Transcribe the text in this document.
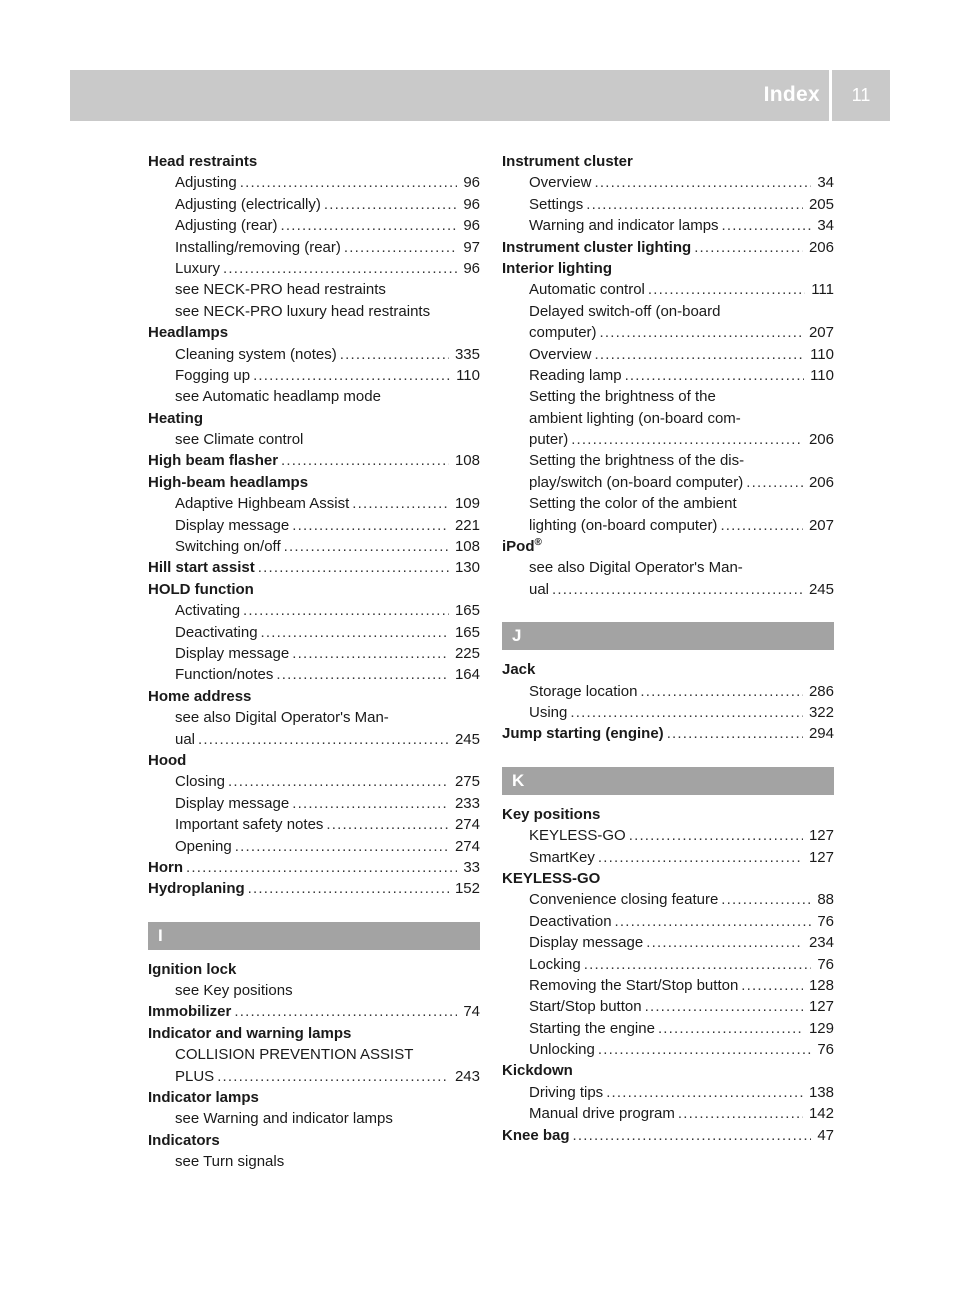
Index	11
Head restraints
Adjusting .....	96
Adjusting (electrically) .....	96
Adjusting (rear) .....	96
Installing/removing (rear) .....	97
Luxury .....	96
see NECK-PRO head restraints
see NECK-PRO luxury head restraints
Headlamps
Cleaning system (notes) .....	335
Fogging up .....	110
see Automatic headlamp mode
Heating
see Climate control
High beam flasher .....	108
High-beam headlamps
Adaptive Highbeam Assist .....	109
Display message .....	221
Switching on/off .....	108
Hill start assist .....	130
HOLD function
Activating .....	165
Deactivating .....	165
Display message .....	225
Function/notes .....	164
Home address
see also Digital Operator's Man-
ual .....	245
Hood
Closing .....	275
Display message .....	233
Important safety notes .....	274
Opening .....	274
Horn .....	33
Hydroplaning .....	152
I
Ignition lock
see Key positions
Immobilizer .....	74
Indicator and warning lamps
COLLISION PREVENTION ASSIST
PLUS .....	243
Indicator lamps
see Warning and indicator lamps
Indicators
see Turn signals
Instrument cluster
Overview .....	34
Settings .....	205
Warning and indicator lamps .....	34
Instrument cluster lighting .....	206
Interior lighting
Automatic control .....	111
Delayed switch-off (on-board
computer) .....	207
Overview .....	110
Reading lamp .....	110
Setting the brightness of the
ambient lighting (on-board com-
puter) .....	206
Setting the brightness of the dis-
play/switch (on-board computer) .....	206
Setting the color of the ambient
lighting (on-board computer) .....	207
iPod®
see also Digital Operator's Man-
ual .....	245
J
Jack
Storage location .....	286
Using .....	322
Jump starting (engine) .....	294
K
Key positions
KEYLESS-GO .....	127
SmartKey .....	127
KEYLESS-GO
Convenience closing feature .....	88
Deactivation .....	76
Display message .....	234
Locking .....	76
Removing the Start/Stop button .....	128
Start/Stop button .....	127
Starting the engine .....	129
Unlocking .....	76
Kickdown
Driving tips .....	138
Manual drive program .....	142
Knee bag .....	47
